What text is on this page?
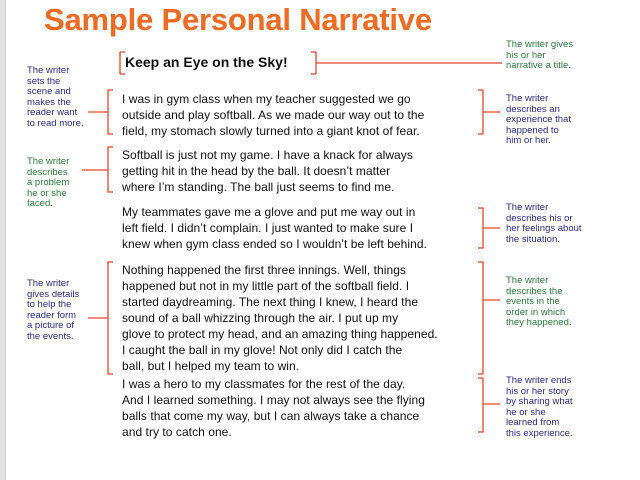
Sample Personal Narrative
Keep an Eye on the Sky!
I was in gym class when my teacher suggested we go
outside and play softball. As we made our way out to the
field, my stomach slowly turned into a giant knot of fear.
Softball is just not my game. I have a knack for always
getting hit in the head by the ball. It doesn’t matter
where I’m standing. The ball just seems to find me.
My teammates gave me a glove and put me way out in
left field. I didn’t complain. I just wanted to make sure I
knew when gym class ended so I wouldn’t be left behind.
Nothing happened the first three innings. Well, things
happened but not in my little part of the softball field. I
started daydreaming. The next thing I knew, I heard the
sound of a ball whizzing through the air. I put up my
glove to protect my head, and an amazing thing happened.
I caught the ball in my glove! Not only did I catch the
ball, but I helped my team to win.
I was a hero to my classmates for the rest of the day.
And I learned something. I may not always see the flying
balls that come my way, but I can always take a chance
and try to catch one.
The writer
sets the
scene and
makes the
reader want
to read more.
The writer
describes
a problem
he or she
faced.
The writer
gives details
to help the
reader form
a picture of
the events.
The writer gives
his or her
narrative a title.
The writer
describes an
experience that
happened to
him or her.
The writer
describes his or
her feelings about
the situation.
The writer
describes the
events in the
order in which
they happened.
The writer ends
his or her story
by sharing what
he or she
learned from
this experience.
